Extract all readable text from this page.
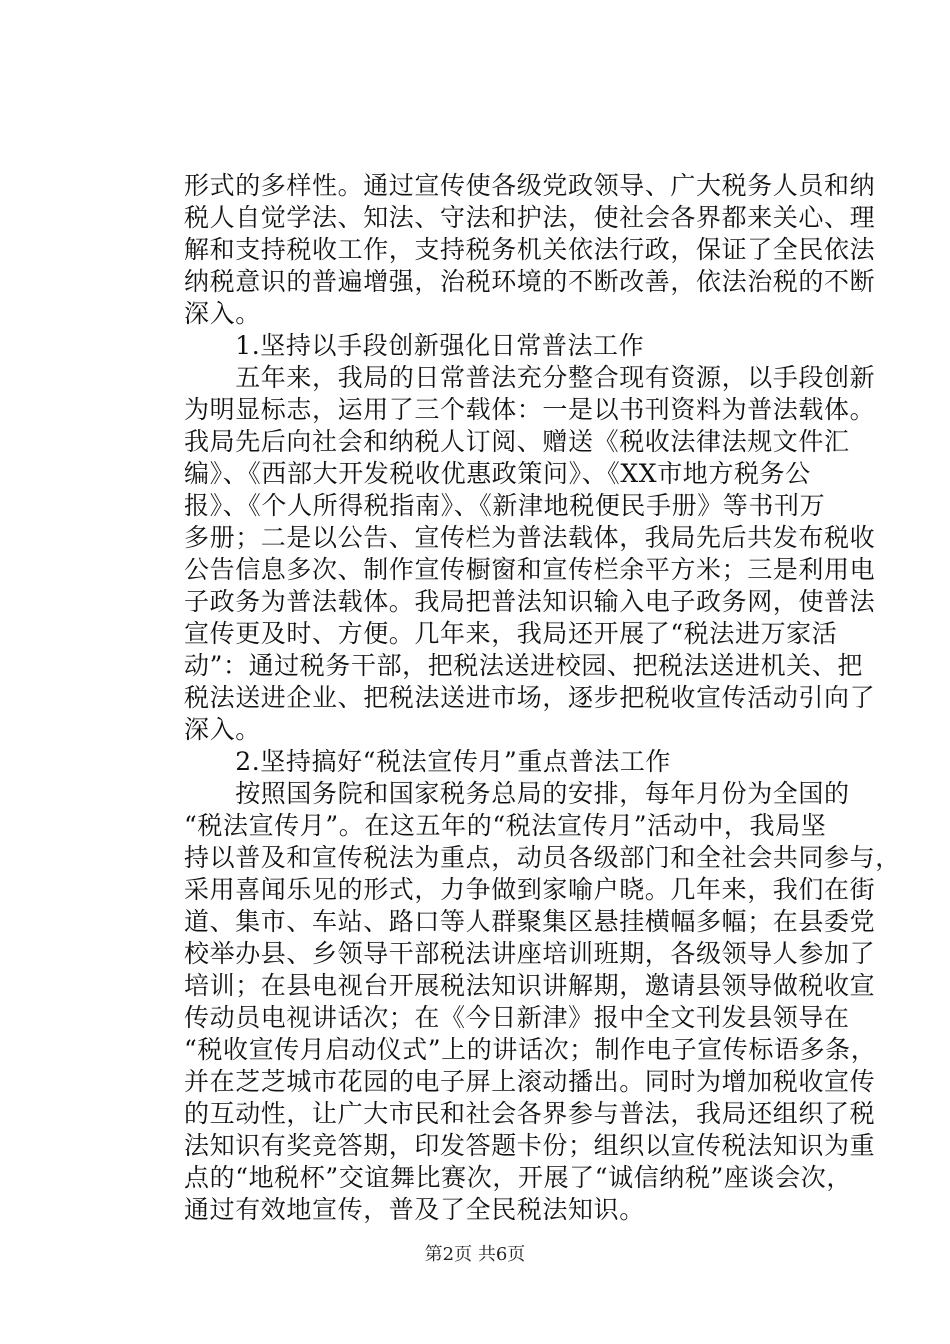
形式的多样性。通过宣传使各级党政领导、广大税务人员和纳
税人自觉学法、知法、守法和护法，使社会各界都来关心、理
解和支持税收工作，支持税务机关依法行政，保证了全民依法
纳税意识的普遍增强，治税环境的不断改善，依法治税的不断
深入。
　　1.坚持以手段创新强化日常普法工作
　　五年来，我局的日常普法充分整合现有资源，以手段创新
为明显标志，运用了三个载体：一是以书刊资料为普法载体。
我局先后向社会和纳税人订阅、赠送《税收法律法规文件汇
编》、《西部大开发税收优惠政策问》、《XX市地方税务公
报》、《个人所得税指南》、《新津地税便民手册》等书刊万
多册；二是以公告、宣传栏为普法载体，我局先后共发布税收
公告信息多次、制作宣传橱窗和宣传栏余平方米；三是利用电
子政务为普法载体。我局把普法知识输入电子政务网，使普法
宣传更及时、方便。几年来，我局还开展了“税法进万家活
动”：通过税务干部，把税法送进校园、把税法送进机关、把
税法送进企业、把税法送进市场，逐步把税收宣传活动引向了
深入。
　　2.坚持搞好“税法宣传月”重点普法工作
　　按照国务院和国家税务总局的安排，每年月份为全国的
“税法宣传月”。在这五年的“税法宣传月”活动中，我局坚
持以普及和宣传税法为重点，动员各级部门和全社会共同参与，
采用喜闻乐见的形式，力争做到家喻户晓。几年来，我们在街
道、集市、车站、路口等人群聚集区悬挂横幅多幅；在县委党
校举办县、乡领导干部税法讲座培训班期，各级领导人参加了
培训；在县电视台开展税法知识讲解期，邀请县领导做税收宣
传动员电视讲话次；在《今日新津》报中全文刊发县领导在
“税收宣传月启动仪式”上的讲话次；制作电子宣传标语多条，
并在芝芝城市花园的电子屏上滚动播出。同时为增加税收宣传
的互动性，让广大市民和社会各界参与普法，我局还组织了税
法知识有奖竞答期，印发答题卡份；组织以宣传税法知识为重
点的“地税杯”交谊舞比赛次，开展了“诚信纳税”座谈会次，
通过有效地宣传，普及了全民税法知识。
第2页 共6页
